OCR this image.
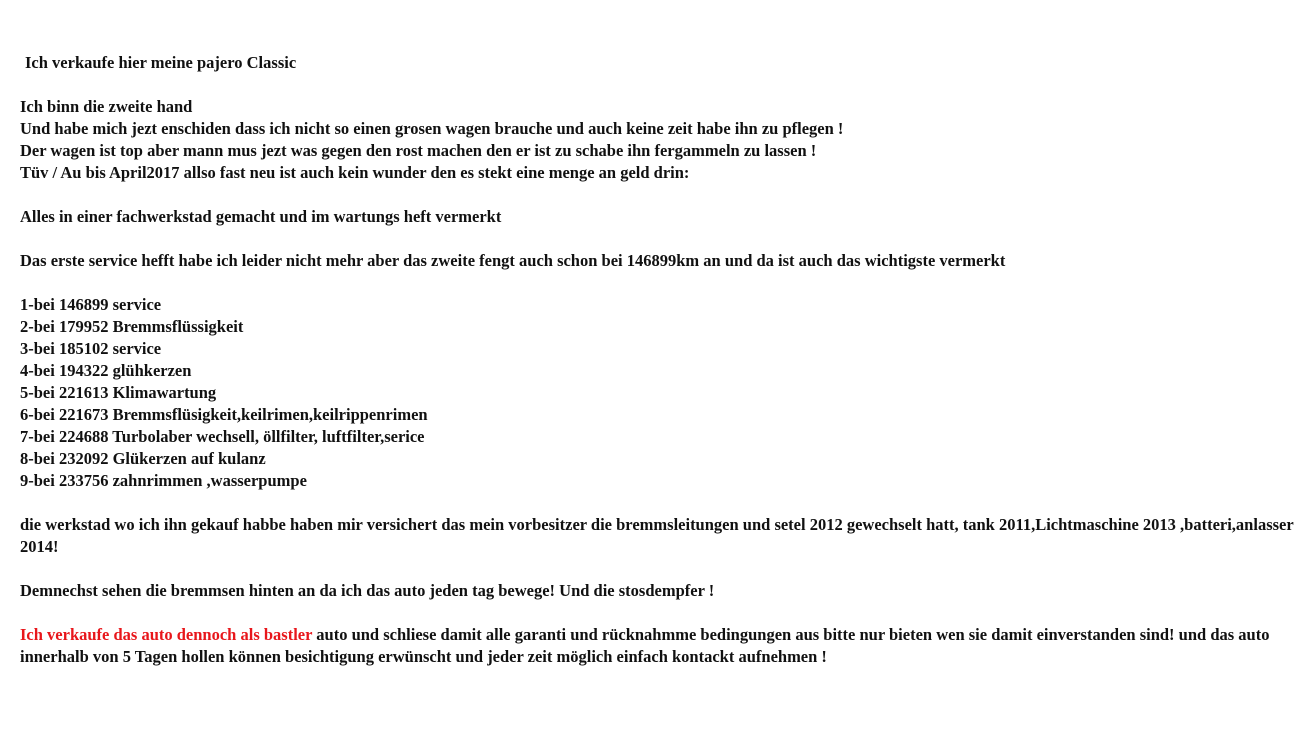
Ich verkaufe hier meine pajero Classic
Ich binn die zweite hand
Und habe mich jezt enschiden dass ich nicht so einen grosen wagen brauche und auch keine zeit habe ihn zu pflegen !
Der wagen ist top aber mann mus jezt was gegen den rost machen den er ist zu schabe ihn fergammeln zu lassen !
Tüv / Au bis April2017 allso fast neu ist auch kein wunder den es stekt eine menge an geld drin:
Alles in einer fachwerkstad gemacht und im wartungs heft vermerkt
Das erste service hefft habe ich leider nicht mehr aber das zweite fengt auch schon bei 146899km an und da ist auch das wichtigste vermerkt
1-bei 146899 service
2-bei 179952 Bremmsflüssigkeit
3-bei 185102 service
4-bei 194322 glühkerzen
5-bei 221613 Klimawartung
6-bei 221673 Bremmsflüsigkeit,keilrimen,keilrippenrimen
7-bei 224688 Turbolaber wechsell, öllfilter, luftfilter,serice
8-bei 232092 Glükerzen auf kulanz
9-bei 233756 zahnrimmen ,wasserpumpe
die werkstad wo ich ihn gekauf habbe haben mir versichert das mein vorbesitzer die bremmsleitungen und setel 2012 gewechselt hatt, tank 2011,Lichtmaschine 2013 ,batteri,anlasser 2014!
Demnechst sehen die bremmsen hinten an da ich das auto jeden tag bewege! Und die stosdempfer !

Ich verkaufe das auto dennoch als bastler auto und schliese damit alle garanti und rücknahmme bedingungen aus bitte nur bieten wen sie damit einverstanden sind! und das auto innerhalb von 5 Tagen hollen können besichtigung erwünscht und jeder zeit möglich einfach kontackt aufnehmen !
